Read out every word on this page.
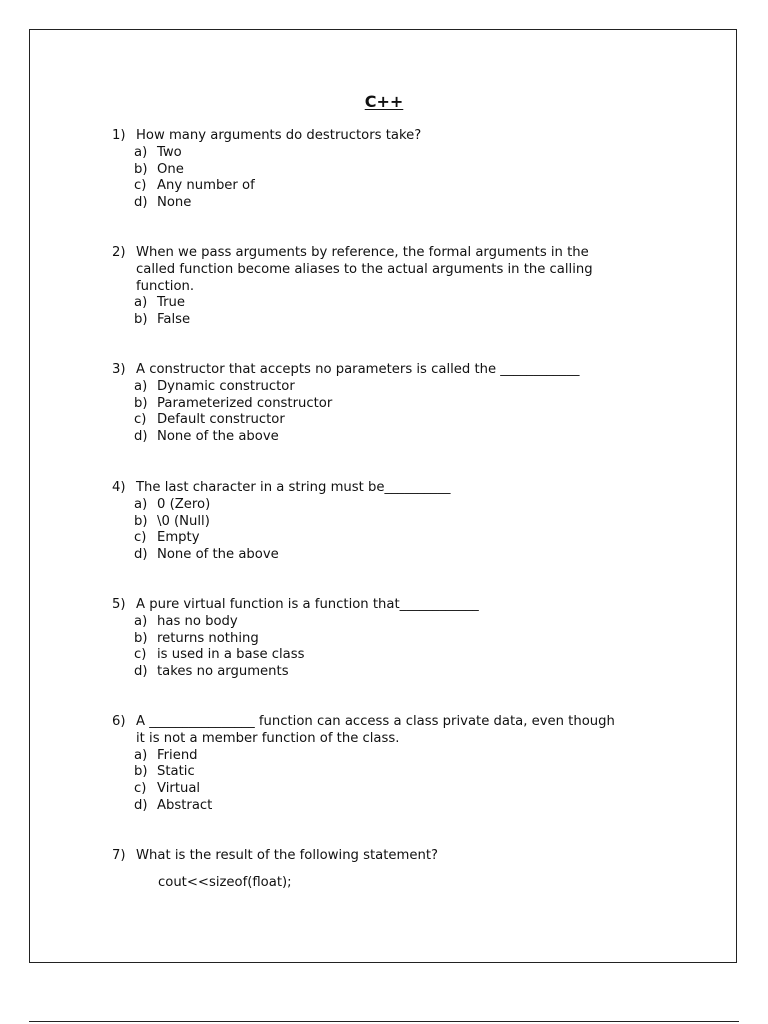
C++
1) How many arguments do destructors take?
a) Two
b) One
c) Any number of
d) None
2) When we pass arguments by reference, the formal arguments in the called function become aliases to the actual arguments in the calling function.
a) True
b) False
3) A constructor that accepts no parameters is called the ____________
a) Dynamic constructor
b) Parameterized constructor
c) Default constructor
d) None of the above
4) The last character in a string must be__________
a) 0 (Zero)
b) \0 (Null)
c) Empty
d) None of the above
5) A pure virtual function is a function that____________
a) has no body
b) returns nothing
c) is used in a base class
d) takes no arguments
6) A ________________ function can access a class private data, even though it is not a member function of the class.
a) Friend
b) Static
c) Virtual
d) Abstract
7) What is the result of the following statement?
cout<<sizeof(float);
